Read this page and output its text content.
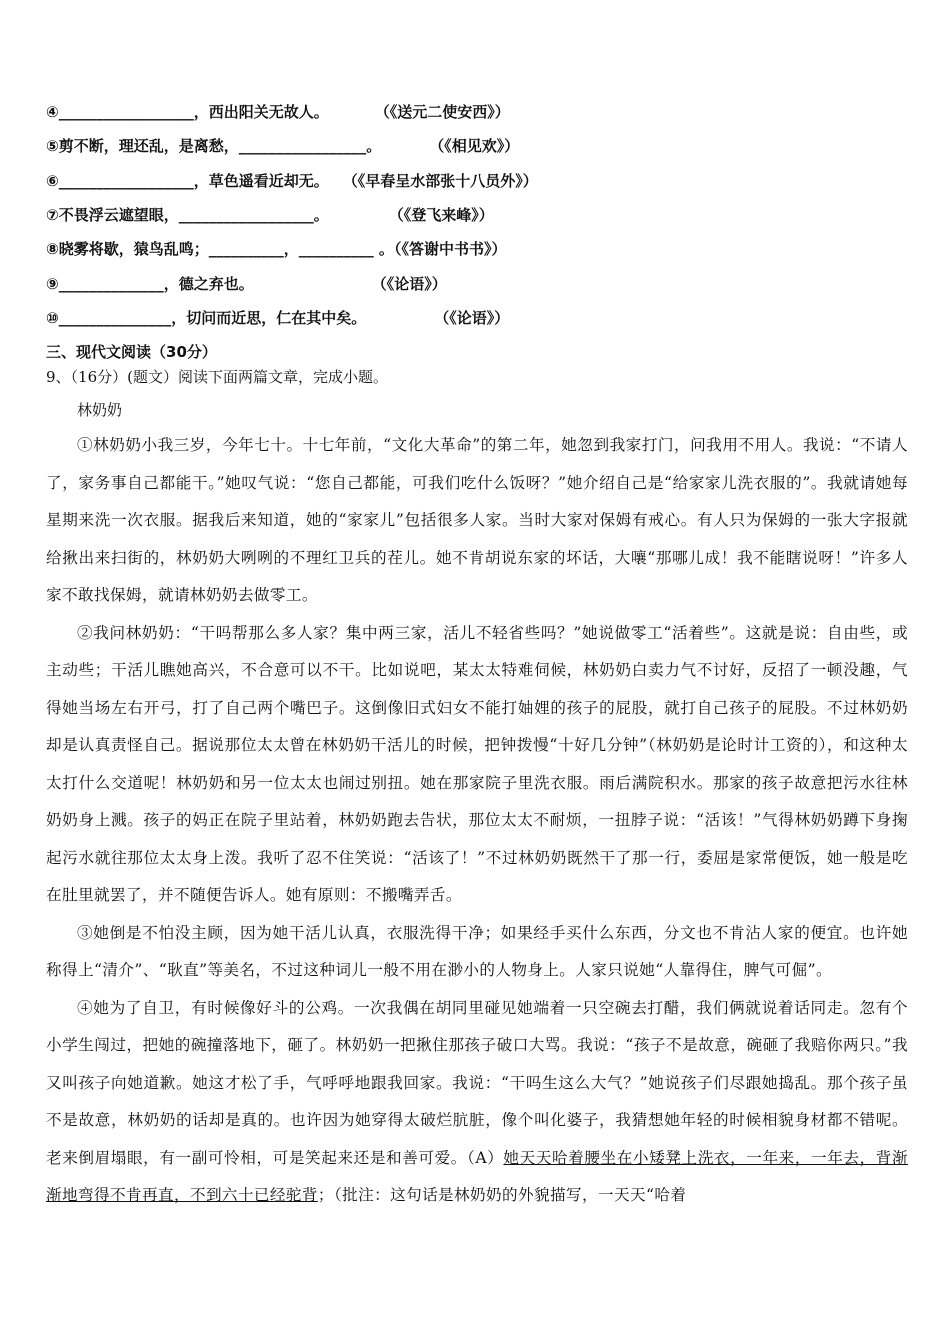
④__________________，西出阳关无故人。	（《送元二使安西》）
⑤剪不断，理还乱，是离愁，_________________。	（《相见欢》）
⑥__________________，草色遥看近却无。 （《早春呈水部张十八员外》）
⑦不畏浮云遮望眼，__________________。	（《登飞来峰》）
⑧晓雾将歇，猿鸟乱鸣；__________，__________ 。（《答谢中书书》）
⑨______________，德之弃也。	（《论语》）
⑩_______________，切问而近思，仁在其中矣。	（《论语》）
三、现代文阅读（30分）
9、（16分）(题文）阅读下面两篇文章，完成小题。
林奶奶

①林奶奶小我三岁，今年七十。十七年前，“文化大革命”的第二年，她忽到我家打门，问我用不用人。我说：“不请人了，家务事自己都能干。”她叹气说：“您自己都能，可我们吃什么饭呀？”她介绍自己是“给家家儿洗衣服的”。我就请她每星期来洗一次衣服。据我后来知道，她的“家家儿”包括很多人家。当时大家对保姆有戒心。有人只为保姆的一张大字报就给揪出来扫街的，林奶奶大咧咧的不理红卫兵的茬儿。她不肯胡说东家的坏话，大嚷“那哪儿成！我不能瞎说呀！”许多人家不敢找保姆，就请林奶奶去做零工。

②我问林奶奶：“干吗帮那么多人家？集中两三家，活儿不轻省些吗？”她说做零工“活着些”。这就是说：自由些，或主动些；干活儿瞧她高兴，不合意可以不干。比如说吧，某太太特难伺候，林奶奶白卖力气不讨好，反招了一顿没趣，气得她当场左右开弓，打了自己两个嘴巴子。这倒像旧式妇女不能打妯娌的孩子的屁股，就打自己孩子的屁股。不过林奶奶却是认真责怪自己。据说那位太太曾在林奶奶干活儿的时候，把钟拨慢“十好几分钟”（林奶奶是论时计工资的），和这种太太打什么交道呢！林奶奶和另一位太太也闹过别扭。她在那家院子里洗衣服。雨后满院积水。那家的孩子故意把污水往林奶奶身上溅。孩子的妈正在院子里站着，林奶奶跑去告状，那位太太不耐烦，一扭脖子说：“活该！”气得林奶奶蹲下身掬起污水就往那位太太身上泼。我听了忍不住笑说：“活该了！”不过林奶奶既然干了那一行，委屈是家常便饭，她一般是吃在肚里就罢了，并不随便告诉人。她有原则：不搬嘴弄舌。

③她倒是不怕没主顾，因为她干活儿认真，衣服洗得干净；如果经手买什么东西，分文也不肯沾人家的便宜。也许她称得上“清介”、“耿直”等美名，不过这种词儿一般不用在渺小的人物身上。人家只说她“人靠得住，脾气可倔”。

④她为了自卫，有时候像好斗的公鸡。一次我偶在胡同里碰见她端着一只空碗去打醋，我们俩就说着话同走。忽有个小学生闯过，把她的碗撞落地下，砸了。林奶奶一把揪住那孩子破口大骂。我说：“孩子不是故意，碗砸了我赔你两只。”我又叫孩子向她道歉。她这才松了手，气呼呼地跟我回家。我说：“干吗生这么大气？”她说孩子们尽跟她捣乱。那个孩子虽不是故意，林奶奶的话却是真的。也许因为她穿得太破烂肮脏，像个叫化婆子，我猜想她年轻的时候相貌身材都不错呢。老来倒眉塌眼，有一副可怜相，可是笑起来还是和善可爱。（A）她天天哈着腰坐在小矮凳上洗衣，一年来，一年去，背渐渐地弯得不肯再直，不到六十已经驼背；（批注：这句话是林奶奶的外貌描写，一天天“哈着
